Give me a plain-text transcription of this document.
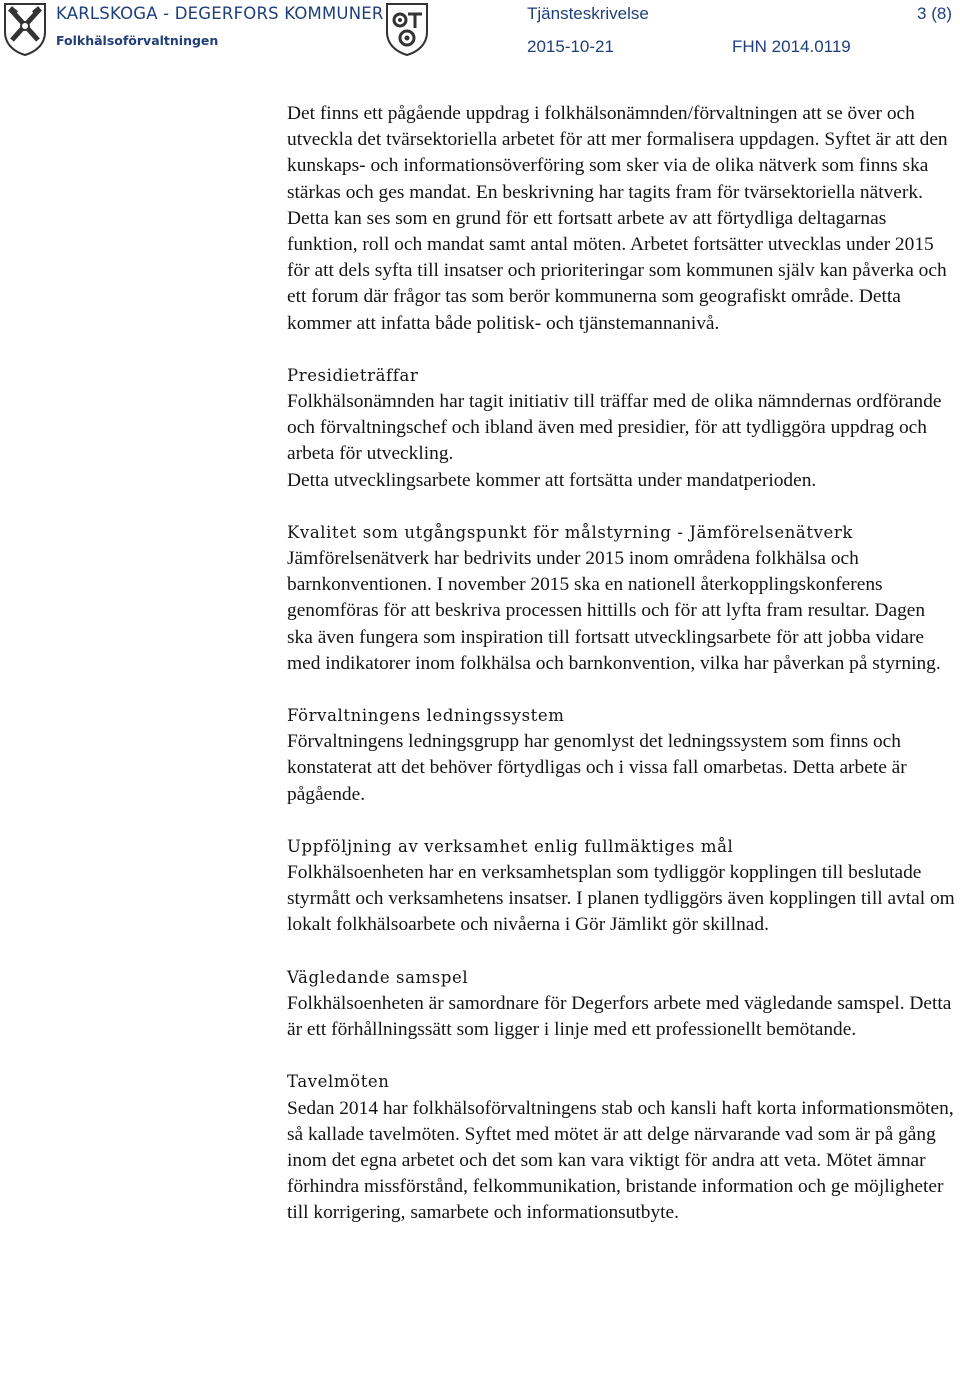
KARLSKOGA - DEGERFORS KOMMUNER
Folkhälsoförvaltningen
Tjänsteskrivelse	3 (8)
2015-10-21	FHN 2014.0119

Det finns ett pågående uppdrag i folkhälsonämnden/förvaltningen att se över och utveckla det tvärsektoriella arbetet för att mer formalisera uppdagen. Syftet är att den kunskaps- och informationsöverföring som sker via de olika nätverk som finns ska stärkas och ges mandat. En beskrivning har tagits fram för tvärsektoriella nätverk. Detta kan ses som en grund för ett fortsatt arbete av att förtydliga deltagarnas funktion, roll och mandat samt antal möten. Arbetet fortsätter utvecklas under 2015 för att dels syfta till insatser och prioriteringar som kommunen själv kan påverka och ett forum där frågor tas som berör kommunerna som geografiskt område. Detta kommer att infatta både politisk- och tjänstemannanivå.

Presidieträffar

Folkhälsonämnden har tagit initiativ till träffar med de olika nämndernas ordförande och förvaltningschef och ibland även med presidier, för att tydliggöra uppdrag och arbeta för utveckling.

Detta utvecklingsarbete kommer att fortsätta under mandatperioden.

Kvalitet som utgångspunkt för målstyrning - Jämförelsenätverk

Jämförelsenätverk har bedrivits under 2015 inom områdena folkhälsa och barnkonventionen. I november 2015 ska en nationell återkopplingskonferens genomföras för att beskriva processen hittills och för att lyfta fram resultar. Dagen ska även fungera som inspiration till fortsatt utvecklingsarbete för att jobba vidare med indikatorer inom folkhälsa och barnkonvention, vilka har påverkan på styrning.

Förvaltningens ledningssystem

Förvaltningens ledningsgrupp har genomlyst det ledningssystem som finns och konstaterat att det behöver förtydligas och i vissa fall omarbetas. Detta arbete är pågående.

Uppföljning av verksamhet enlig fullmäktiges mål

Folkhälsoenheten har en verksamhetsplan som tydliggör kopplingen till beslutade styrmått och verksamhetens insatser. I planen tydliggörs även kopplingen till avtal om lokalt folkhälsoarbete och nivåerna i Gör Jämlikt gör skillnad.

Vägledande samspel

Folkhälsoenheten är samordnare för Degerfors arbete med vägledande samspel. Detta är ett förhållningssätt som ligger i linje med ett professionellt bemötande.

Tavelmöten

Sedan 2014 har folkhälsoförvaltningens stab och kansli haft korta informationsmöten, så kallade tavelmöten. Syftet med mötet är att delge närvarande vad som är på gång inom det egna arbetet och det som kan vara viktigt för andra att veta. Mötet ämnar förhindra missförstånd, felkommunikation, bristande information och ge möjligheter till korrigering, samarbete och informationsutbyte.
